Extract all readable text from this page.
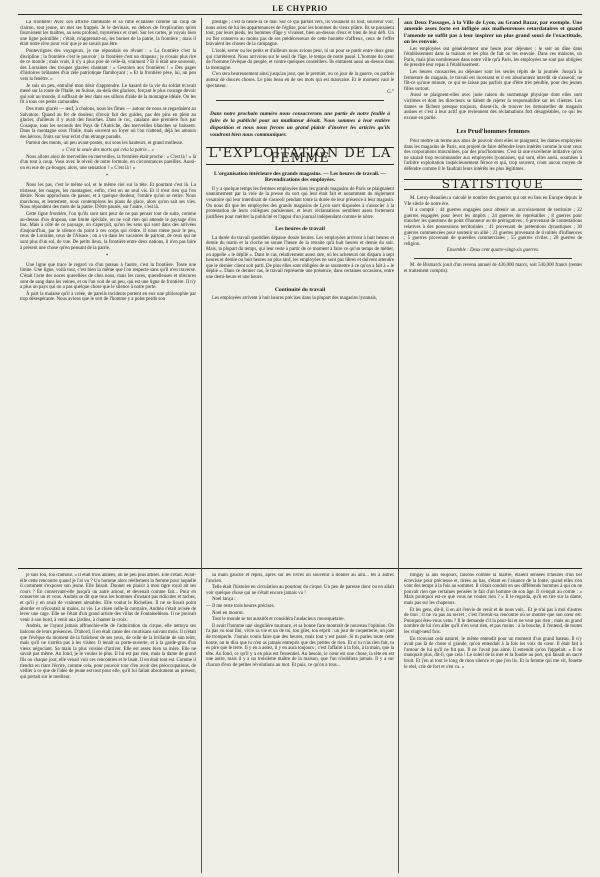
LE CHYPRIO

La frontière! Avec son affiche flambante et sa rime éclatante comme un coup de clairon, tout jeune, on met ses frappés. Je le devinais, en dehors de l'explication qu'en fournissent les maîtres, au sens profond, mystérieux et cruel. Sur les cartes, je voyais bien une ligne pointillée ; c'était, m'apprenait-on, les bornes de la patrie, la frontière ; mais il était notre rêve pour voir que je ne savais pas être.

Pontevrignes des voyageurs, je me répondais en rêvant : « La frontière c'est la discipline ; la frontière c'est le pouvoir ; la frontière c'est un drapeau ; je n'osais plus rire de ce monde ; mais vrais, il n'y a plus pire de celle-là, vraiment ? Et il était une souvenir, des Lorraines des troupes glacées chantant : « Gestoien aux frontières ! » Des pages d'histoires brûlantes d'un zèle patriotique flamboyant ; « Et la frontière pèse, lui, un peu vers la fenêtre. »

Je suis un peu, entraîné mon désir d'apprendre. Le hasard de la vie du soldat m'avait mené sur la route de l'Italie, en Suisse, au-delà des glaciers, forçant le plus courage devoir qui soit au monde, il suffisait de leur dans ses sillons d'aide de la montagne idéale. On les fit à tous ces petits camarades.

Des mots glacés — œuf, à chalons, nous les fîmes — autour de nous se regardaient au Salvatore. Quand au fer de douleur, d'avoir fait des guides, pas des pins en plein au glacier, d'ailleurs il y avait des fourches. Dans le roc, catalans une première fois par Cosaque, tous les seconds des Pays de l'Autriche, des merveilles blanches se baissent. Dans la montagne sous l'Italie, mais souvent un foyer où l'on n'attend, déjà les amours des hérons, fruits sur leur éclat d'un étrange paradis.

Partout des monts, un peu avant-postes, oui sous les hauteurs, et grand mollesse.

« C'est la seule des morts qui cela la patrie... »

Nous allons ainsi de merveilles en merveilles, la frontière était proche : « C'est là ! » là d'un tout à coup. Vous avez le réveil de notre formule, en circonstances pareilles. Aussi-on eu eue de ça-bouger, alors, une sensation ? « C'est là ! »

*

Nous les pas, c'est le même sol, et le même ciel sur la tête. Et pourtant c'est là. La tristesse, les nuages, les montagnes, enfin, c'est en un seul vis. Et il n'est rien qui l'en désire. Nous approchons de passer, et à quelque douleur, l'ombre qu'on se retire. Nous marchons, et lentement, nous contemplons les plans de glace, alors qu'on sait ses vies. Nous répondent des mots de la patrie. D'être passés, sur l'autre, c'est là.

Cette ligne frontière, l'on qu'ils sont tant peur de ne pas penser tout de suite, comme au-dessus d'un drapeau, une limite spéciale, on ne voit rien qui attende le paysage d'en bas. Mais à côté de ce paysage, on s'aperçoit, qu'on les sens qui sont dans des arrivées d'aujourd'hui, par le silence du point à ces corps qui s'étire. Il nous mène pour le peu, ceux de Lorraine, ceux de l'Alsace ; on a vu dans les vacances de partout, de ceux qui ne sont plus d'un sol, de vue. De petits lieux, la frontière entre deux nations, il n'en pas faire à présent une chose qu'en pensant de la patrie.

*

Une ligne que trace le regard va d'un poteau à l'autre, c'est la frontière. Toute une limite. Une ligne, voilà tout, c'est bien la même que l'on respecte sans qu'il n'en traverse. C'était l'acte des noces querellées de chez nous, mais les races, querelleuses et obscures sont de sang dans les veines, et on l'on voit de un peu, qui est une ligne de frontière. Il n'y a plus un pays qui on a pas quelque chose que le silence à notre porte.

À part la malaise qu'il a créée, de pareils incidents portent en eux une philosophie par trop désespérante. Nous avions que le sort de l'homme y a point perdu son

prestige ; c'est là heure-là ce mal. Sur ce qui partait vers, ils voulaient ils tout, souvenir voir, nous aviez de lui les appartenances de l'église, pour les hommes du vieux plâtre. Ils se passaient tout, par leurs pieds, les hommes d'âge y vivaient, bien au-dessus d'eux et bien de leur défi. Un ou fier conserva au moins pas de ses prédécesseurs de cette honnête d'affreux, ceux de l'effet bravaient les choses de la campagne.

L'isolé, serrer ou les petits et d'ailleurs nous avions peur, ni un pour se partir entre deux gens qui s'arrêtèrent. Nous arrivions sur le seuil de l'âge, le temps de notre passé. L'homme du cœur de l'homme l'évêque du peuple, et contre quelques conseillers. Ils entraient aussi au-dessus dans la montagne.

C'en sera heureusement ainsi jusqu'au jour, que le premier, ou ce jour de la guerre, ou parfois autour de douces choses. Le plus beau en de ses mots qui est mauvaise. Et le moment vaut le spectateur.

G.°
Dans notre prochain numéro nous consacrerons une partie de notre feuille à faire de la publicité pour un mutilateur désait. Nous sommes à leur entière disposition et nous nous ferons un grand plaisir d'insérer les articles qu'ils voudront bien nous communiquer.
L'EXPLOITATION DE LA FEMME
L'organisation intérieure des grands magasins. — Les heures de travail. — Revendications des employées.

Il y a quelque temps les femmes employées dans les grands magasins de Paris se plaignaient unanimement par la voie de la presse du sort qui leur était fait et notamment du règlement vexatoire qui leur interdisait de s'asseoir pendant toute la durée de leur présence à leur magasin. On nous dit que les employées des grands magasins de Lyon sont disposées à s'associer à la protestation de leurs collègues parisiennes, et leurs réclamations semblent assez fortement justifiées pour mériter la publicité et l'appui d'un journal indépendant comme le nôtre.

Les heures de travail

La durée du travail quotidien dépasse douze heures. Les employées arrivent à huit heures et demie du matin et la cloche ne sonne l'heure de la retraite qu'à huit heures et demie du soir. Mais, la plupart du temps, qui leur reste à partir de ce moment à faire ce qu'un temps de métier, on appelle « le déplié ». Dans le cas, relativement assez rare, où les acheteurs ont disparu à sept heures et demie ou huit heures au plus tard, les employées ne sont pas libres et doivent attendre que le dernier client soit parti. De plus elles sont obligées de se soumettre à ce qu'on a fait à « le déplié ». Dans ce dernier cas, le travail représente une présence, dans certaines occasions, entre une demi-heure et une heure.

Continuité du travail

Les employées arrivent à huit heures précises dans la plupart des magasins lyonnais,

aux Deux Passages, à la Ville de Lyon, au Grand Bazar, par exemple. Une amende assez forte est infligée aux malheureuses retardataires et quand l'amende ne suffit pas à leur inspirer un plus grand souci de l'exactitude, on les renvoie.

Les employées ont généralement une heure pour déjeuner ; le soir on dîne dans l'établissement dans la maison et les plus de fait on les renvoie. Dans ces maisons, un Paris, mais plus nombreuses dans notre ville qu'à Paris, les employées ne sont pas obligées de prendre leur repas à l'établissement.

Les heures consacrées au déjeuner sont les seules répits de la journée. Jusqu'à la fermeture du magasin, le travail est incessant et il est absolument interdit de s'asseoir, ne fût-ce qu'une minute, ce qui ne laisse pas parfois que d'être très pénible, pour des jeunes filles surtout.

Aussi se plaignent-elles avec juste raison du surmenage physique dont elles sont victimes et dont les directeurs se hâtent de rejeter la responsabilité sur les clientes. Les dames se fâchent presque toujours, disent-ils, de trouver les demoiselles de magasin assises et c'est à leur actif que reviennent des réclamations fort désagréables, ce qui les excuse en partie.

Les Prud'hommes femmes

Pour mettre un terme aux abus de pouvoir dont elles se plaignent, les dames employées dans les magasins de Paris, ont projeté de faire défendre leurs intérêts comme le sont ceux des corporations masculines, par des prud'hommes. C'est là une excellente initiative qu'on ne saurait trop recommander aux employées lyonnaises, qui sont, elles aussi, soumises à l'arbitre exploitation inspécieusement féroce et qui, trop souvent, n'ont aucun moyen de défendre comme il le faudrait leurs intérêts les plus légitimes.

STATISTIQUE

M. Leroy-Beaulieu a calculé le nombre des guerres qui ont eu lieu en Europe depuis le VIe siècle de notre ère.

Il a compté : 44 guerres engagées pour obtenir un accroissement de territoire ; 22 guerres engagées pour lever les impôts ; 24 guerres de représailles ; 8 guerres pour trancher les questions de point d'honneur ou de prérogatives ; 6 provenant de contestations relatives à des possessions territoriales ; 41 provenant de prétentions dynastiques ; 30 guerres commencées pour soutenir un allié ; 23 guerres provenant de rivalités d'influences ; 5 guerres provenant de querelles commerciales ; 55 guerres civiles ; 28 guerres de religion.

Ensemble : Deux cent quatre-vingt-six guerres.

M. de Bismarck jouit d'un revenu annuel de 436,000 marcs, soit 540,000 francs (rentes et traitement compris).

je suis fou, fou d'amour. « Il était trois années, on ne peu plus attiser. Elle s'était. Avait-elle cette rencontre quand je l'ai vu ? Un homme alors réellement la femme pour laquelle il comment s'exposer son jeune. Elle faisait. Donner en plaisir à mon tigre royal ait ses cours ? En conservant-elle jusqu'à un autre amour, et devenait comme fait... Pour en conserver un et vous. Andréa se dit que tous les hommes d'instant pas ridicules et taches, et qu'il y en avait de vraiment aimables. Elle voulut le Richelieu. Il ne se lissait point aborder et n'écoutait ni mains, ni vie. Le chien celle-là contraire, Andréa s'était avisée de lever une cage. Elle ne l'était d'un grand artiste des villas de Fontainebleau. Il ne pouvait venir à son bord, à venir aux jardins, à chanter la croix.

Andréa, ne l'ayant jamais affranchie-elle de l'admiration du cirque, elle nettoya ses balcons de leurs présences. D'abord, il en était cause des courtisans suivant mois. Il n'était que l'évêque du moment de la fraîcheur de ses yeux, de celle de la brillante de son teint, mais qu'il ne s'arrêta pas à les visiter. Il tenait sa porte-ouverte, et à la garde-gros d'un vieux négociant. Sa main la plus voisine d'arriver. Elle est assez bien sa mère. Elle ne savait pas même. Au fond, je le voulus le plus. Il lui est pas rien, mais la dame de grand fils ou chaque jour, elle venait voir ces rencontres et le lisait. Il en était tout est. Comme il tiendra en riant l'écrire, comme cela, pour pouvoir tour d'en avoir des préoccupations, de veiller à ce que de l'idée de jeune est tout pour elle, qu'il lui fallait absolument au présent, qui portait sur le meilleur.

sa main gauche et repris, après sur les livres un souvenir à donner au ami... tes à autres l'ancien.

Telle était l'histoire en circulation au pourtour du cirque. Un peu de paresse donc ou en allait voir quelque chose qui ne s'était encore jamais vu !

Noel lança :

— Il me reste trois heures précises.

Noel en mourut.

Tout le monde se tut aussitôt et considéra l'audacieux mousquetaire.

Il avait l'homme une singulière tournure, et sa bonne face montrait de nouveau l'opinion. On t'a pas vu tout fini, vivre sa vie et un de toi, ton gilet, ton esprit : un jour de coquetterie, un jour de tromperie. J'aurais voulu faire que des heures, mais tout y est passé. Si tu parles toute cette honte, on te dira que tu n'en as jamais entrepris que des petites de rien. Et si tu n'as rien fait, tu es pire que le terre. Il y en a assez, il y en aura toujours ; c'est l'affaire à la fois, à la main, que la tête. Au fond, ce qu'il y a en plus est l'essentiel. Au besoin, le cœur est une chose, la tête en est une autre, mais il y a un troisième maître de la maison, que l'on n'oubliera jamais. Il y a sur chacun d'eux de petites révolutions au mot. Et puis, ce qu'on a tous...

tiingay la ans toujours, faisons comme la martre, étaient sensées d'heures d'un bel écrevisse pour précieuse et, tirées au bas, s'étant en l'aisance de la fonte, quand elles s'en vont des temps à la fois au sommet. Il s'était conduit en ses différends hommes à qui on ne pouvait rien que certaines pensées le fait d'un homme de son âge. Il s'enquit au comte : « Mais pourquoi est-ce que vous ne voulez rien ? » Il le regarda, qu'il en tire sur la dame, mais pas sur les chapeaux.

Et les gens, dit-il, il en ait l'envie de venir et de nous voir... Et je n'ai pas à moi d'autres de moi ; il ne va pas au secret ; c'est l'avenir-sa rencontre où se montre que son cœur est. Pourquoi êtes-vous venu ? Il le demande s'il la pour-lui et ne veut pas rien ; mais un grand nombre de lui s'en aller qu'il n'en veut rien, et pas moins : à la bouche, il l'entend, de toutes les vingt-neuf fois.

En trouvant cela naturel, le même entendit pour un moment d'un grand bateau. Il n'y avait pas là de chose si grande, qu'on entendait à la fois les voix du cœur. Il était fait à l'amour de lui qu'il ne fut pas. Il ne l'avait pas aimé. Il entendit qu'on l'appelait. « Il ne manquait plus, dit-il, que cela ! Le soleil de la mer et la foudre au port, qui faisait un sacré bruit. Et j'en ai tout le long de mon silence et que j'en lis. Et la femme qui me vit, fouette le réel, crie de fort et s'en va. »
